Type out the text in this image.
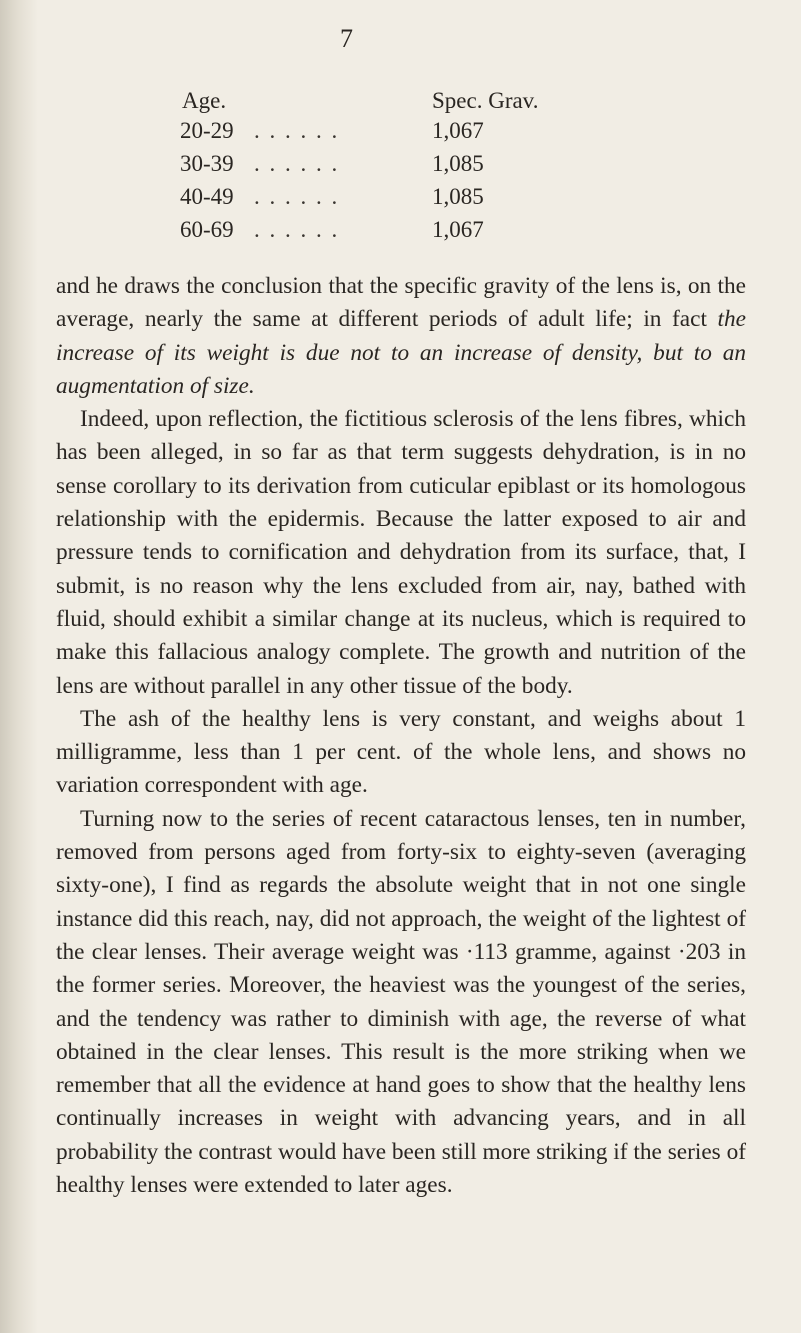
7
Age.	Spec. Grav.
20-29 . . . . . .	1,067
30-39 . . . . . .	1,085
40-49 . . . . . .	1,085
60-69 . . . . . .	1,067

and he draws the conclusion that the specific gravity of the lens is, on the average, nearly the same at different periods of adult life; in fact the increase of its weight is due not to an increase of density, but to an augmentation of size.

Indeed, upon reflection, the fictitious sclerosis of the lens fibres, which has been alleged, in so far as that term suggests dehydration, is in no sense corollary to its derivation from cuticular epiblast or its homologous relationship with the epidermis. Because the latter exposed to air and pressure tends to cornification and dehydration from its surface, that, I submit, is no reason why the lens excluded from air, nay, bathed with fluid, should exhibit a similar change at its nucleus, which is required to make this fallacious analogy complete. The growth and nutrition of the lens are without parallel in any other tissue of the body.

The ash of the healthy lens is very constant, and weighs about 1 milligramme, less than 1 per cent. of the whole lens, and shows no variation correspondent with age.

Turning now to the series of recent cataractous lenses, ten in number, removed from persons aged from forty-six to eighty-seven (averaging sixty-one), I find as regards the absolute weight that in not one single instance did this reach, nay, did not approach, the weight of the lightest of the clear lenses. Their average weight was ·113 gramme, against ·203 in the former series. Moreover, the heaviest was the youngest of the series, and the tendency was rather to diminish with age, the reverse of what obtained in the clear lenses. This result is the more striking when we remember that all the evidence at hand goes to show that the healthy lens continually increases in weight with advancing years, and in all probability the contrast would have been still more striking if the series of healthy lenses were extended to later ages.
